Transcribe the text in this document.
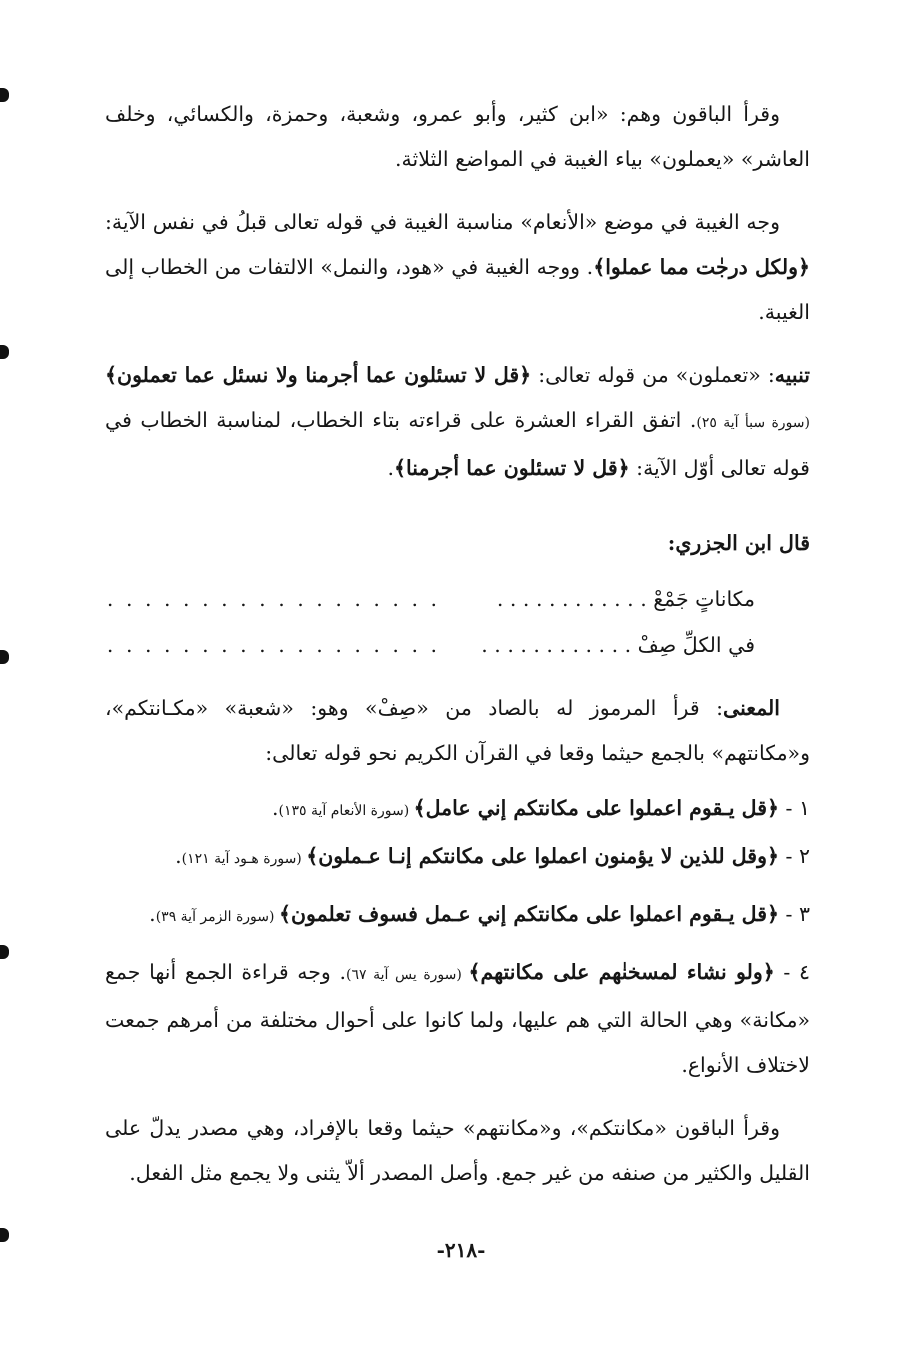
وقرأ الباقون وهم: «ابن كثير، وأبو عمرو، وشعبة، وحمزة، والكسائي، وخلف العاشر» «يعملون» بياء الغيبة في المواضع الثلاثة.

وجه الغيبة في موضع «الأنعام» مناسبة الغيبة في قوله تعالى قبلُ في نفس الآية: ﴿ولكل درجٰت مما عملوا﴾. ووجه الغيبة في «هود، والنمل» الالتفات من الخطاب إلى الغيبة.

تنبيه: «تعملون» من قوله تعالى: ﴿قل لا تسئلون عما أجرمنا ولا نسئل عما تعملون﴾ (سورة سبأ آية ٢٥). اتفق القراء العشرة على قراءته بتاء الخطاب، لمناسبة الخطاب في قوله تعالى أوّل الآية: ﴿قل لا تسئلون عما أجرمنا﴾.

قال ابن الجزري:

مكاناتٍ جَمْعْ . . . . . . . . . . . .
. . . . . . . . . . . . . . . . . .
في الكلِّ صِفْ . . . . . . . . . . . .
. . . . . . . . . . . . . . . . . .

المعنى: قرأ المرموز له بالصاد من «صِفْ» وهو: «شعبة» «مكـانتكم»، و«مكانتهم» بالجمع حيثما وقعا في القرآن الكريم نحو قوله تعالى:

١ - ﴿قل يـقوم اعملوا على مكانتكم إني عامل﴾ (سورة الأنعام آية ١٣٥).

٢ - ﴿وقل للذين لا يؤمنون اعملوا على مكانتكم إنـا عـملون﴾ (سورة هـود آية ١٢١).

٣ - ﴿قل يـقوم اعملوا على مكانتكم إني عـمل فسوف تعلمون﴾ (سورة الزمر آية ٣٩).

٤ - ﴿ولو نشاء لمسخنٰهم على مكانتهم﴾ (سورة يس آية ٦٧). وجه قراءة الجمع أنها جمع «مكانة» وهي الحالة التي هم عليها، ولما كانوا على أحوال مختلفة من أمرهم جمعت لاختلاف الأنواع.

وقرأ الباقون «مكانتكم»، و«مكانتهم» حيثما وقعا بالإفراد، وهي مصدر يدلّ على القليل والكثير من صنفه من غير جمع. وأصل المصدر ألاّ يثنى ولا يجمع مثل الفعل.

-٢١٨-
